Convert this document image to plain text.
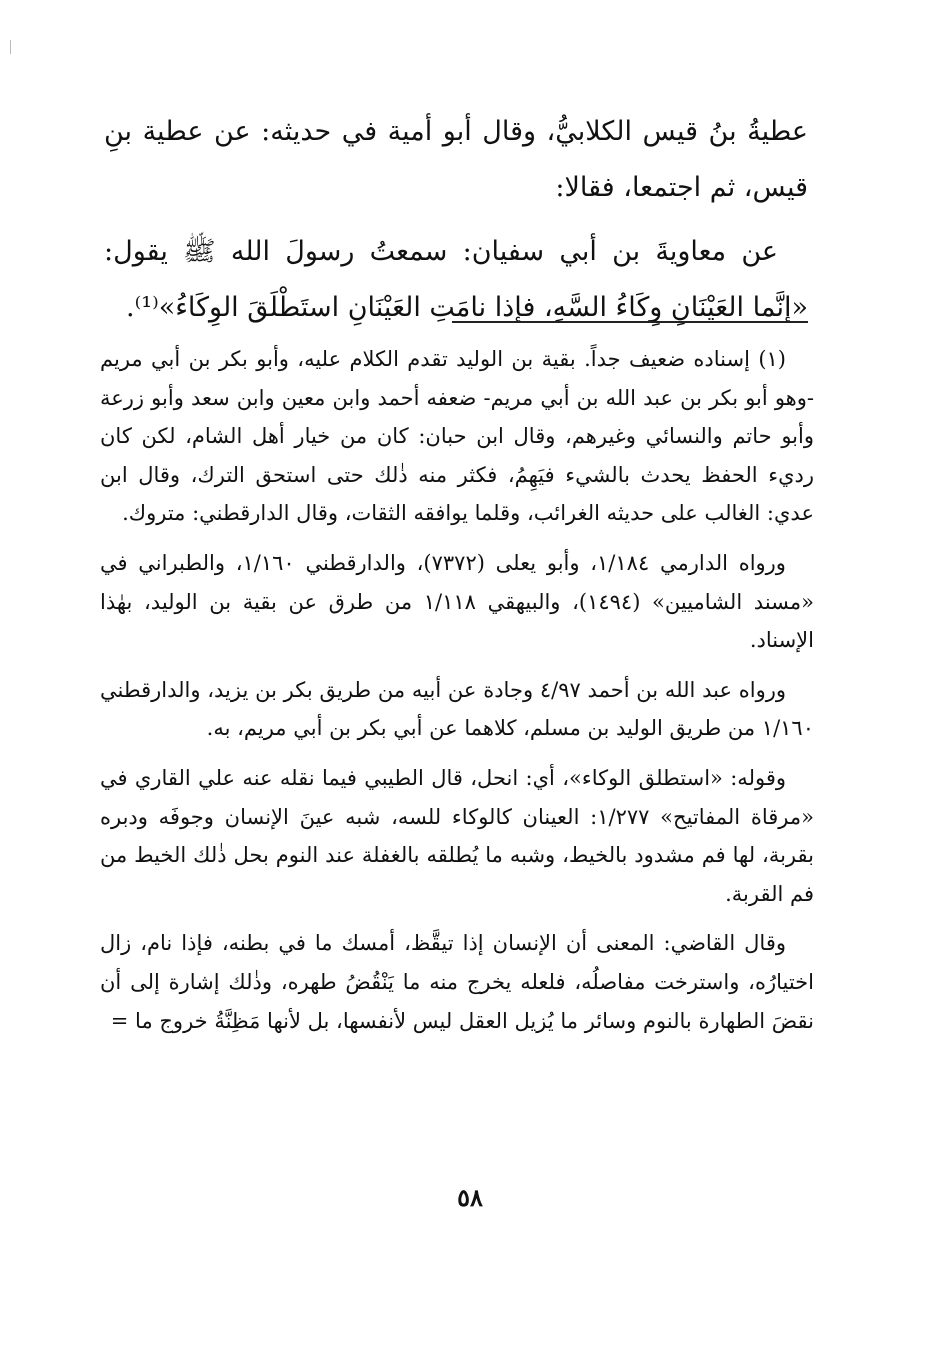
عطيةُ بنُ قيس الكلابيُّ، وقال أبو أمية في حديثه: عن عطية بنِ قيس، ثم اجتمعا، فقالا:

عن معاويةَ بن أبي سفيان: سمعتُ رسولَ الله ﷺ يقول: «إنَّما العَيْنَانِ وِكَاءُ السَّهِ، فإذا نامَتِ العَيْنَانِ استَطْلَقَ الوِكَاءُ»⁽¹⁾.

(١) إسناده ضعيف جداً. بقية بن الوليد تقدم الكلام عليه، وأبو بكر بن أبي مريم -وهو أبو بكر بن عبد الله بن أبي مريم- ضعفه أحمد وابن معين وابن سعد وأبو زرعة وأبو حاتم والنسائي وغيرهم، وقال ابن حبان: كان من خيار أهل الشام، لكن كان رديء الحفظ يحدث بالشيء فيَهِمُ، فكثر منه ذٰلك حتى استحق الترك، وقال ابن عدي: الغالب على حديثه الغرائب، وقلما يوافقه الثقات، وقال الدارقطني: متروك.

ورواه الدارمي ١/١٨٤، وأبو يعلى (٧٣٧٢)، والدارقطني ١/١٦٠، والطبراني في «مسند الشاميين» (١٤٩٤)، والبيهقي ١/١١٨ من طرق عن بقية بن الوليد، بهٰذا الإسناد.

ورواه عبد الله بن أحمد ٤/٩٧ وجادة عن أبيه من طريق بكر بن يزيد، والدارقطني ١/١٦٠ من طريق الوليد بن مسلم، كلاهما عن أبي بكر بن أبي مريم، به.

وقوله: «استطلق الوكاء»، أي: انحل، قال الطيبي فيما نقله عنه علي القاري في «مرقاة المفاتيح» ١/٢٧٧: العينان كالوكاء للسه، شبه عينَ الإنسان وجوفَه ودبره بقربة، لها فم مشدود بالخيط، وشبه ما يُطلقه بالغفلة عند النوم بحل ذٰلك الخيط من فم القربة.

وقال القاضي: المعنى أن الإنسان إذا تيقَّظ، أمسك ما في بطنه، فإذا نام، زال اختيارُه، واسترخت مفاصلُه، فلعله يخرج منه ما يَنْقُضُ طهره، وذٰلك إشارة إلى أن نقضَ الطهارة بالنوم وسائر ما يُزيل العقل ليس لأنفسها، بل لأنها مَظِنَّةُ خروج ما =

٥٨
